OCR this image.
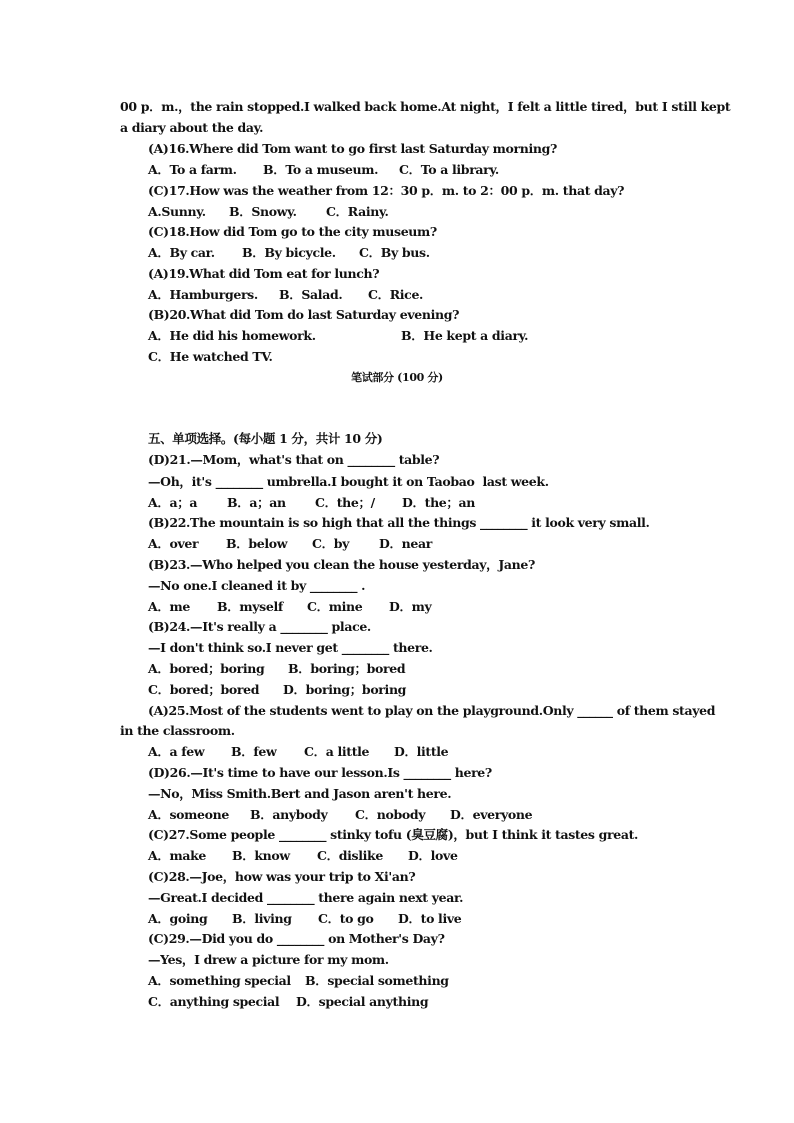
00 p．m.，the rain stopped.I walked back home.At night，I felt a little tired，but I still kept
a diary about the day.
(A)16.Where did Tom want to go first last Saturday morning?
A．To a farm. B．To a museum. C．To a library.
(C)17.How was the weather from 12：30 p．m. to 2：00 p．m. that day?
A.Sunny. B．Snowy. C．Rainy.
(C)18.How did Tom go to the city museum?
A．By car. B．By bicycle. C．By bus.
(A)19.What did Tom eat for lunch?
A．Hamburgers. B．Salad. C．Rice.
(B)20.What did Tom do last Saturday evening?
A．He did his homework.	B．He kept a diary.
C．He watched TV.
笔试部分 (100 分)
五、单项选择。(每小题 1 分，共计 10 分)
(D)21.—Mom，what's that on ________ table?
—Oh，it's ________ umbrella.I bought it on Taobao  last week.
A．a；a B．a；an C．the；/ D．the；an
(B)22.The mountain is so high that all the things ________ it look very small.
A．over B．below C．by D．near
(B)23.—Who helped you clean the house yesterday，Jane?
—No one.I cleaned it by ________ .
A．me B．myself C．mine D．my
(B)24.—It's really a ________ place.
—I don't think so.I never get ________ there.
A．bored；boring B．boring；bored
C．bored；bored D．boring；boring
(A)25.Most of the students went to play on the playground.Only ______ of them stayed
in the classroom.
A．a few B．few C．a little D．little
(D)26.—It's time to have our lesson.Is ________ here?
—No，Miss Smith.Bert and Jason aren't here.
A．someone B．anybody C．nobody D．everyone
(C)27.Some people ________ stinky tofu (臭豆腐)，but I think it tastes great.
A．make B．know C．dislike D．love
(C)28.—Joe，how was your trip to Xi'an?
—Great.I decided ________ there again next year.
A．going B．living C．to go D．to live
(C)29.—Did you do ________ on Mother's Day?
—Yes，I drew a picture for my mom.
A．something special B．special something
C．anything special D．special anything
